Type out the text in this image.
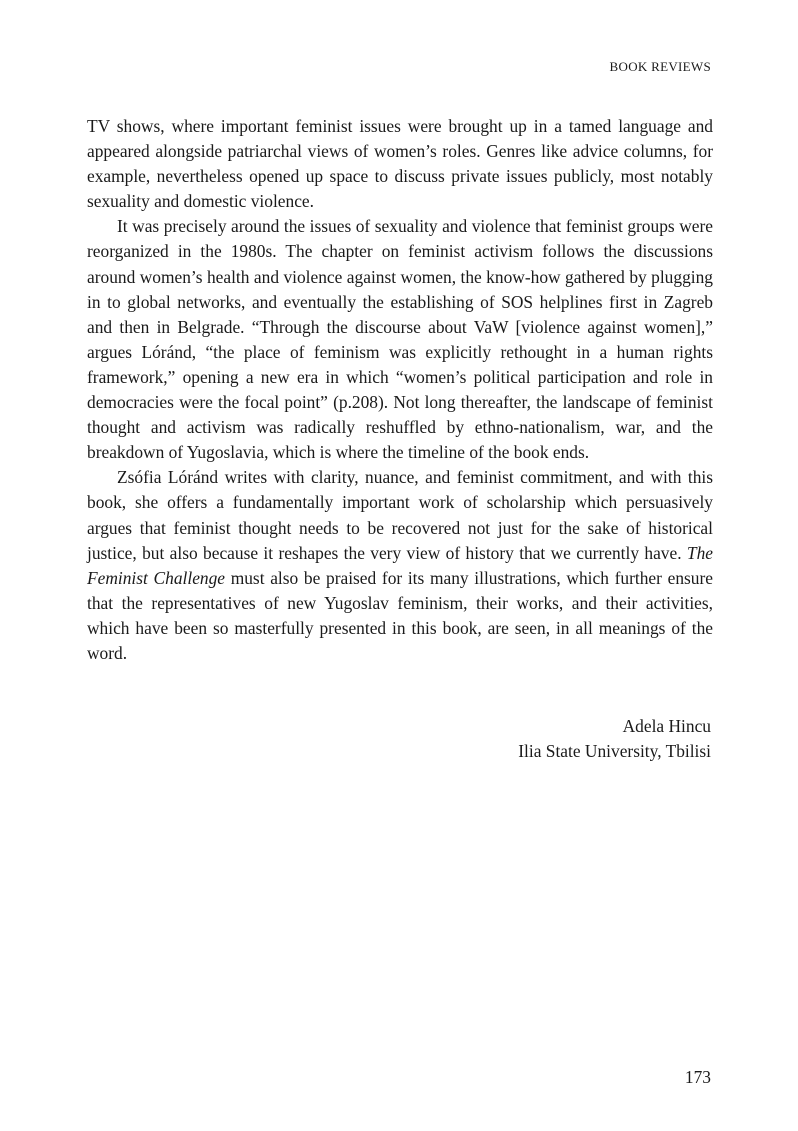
BOOK REVIEWS

TV shows, where important feminist issues were brought up in a tamed language and appeared alongside patriarchal views of women’s roles. Genres like advice columns, for example, nevertheless opened up space to discuss private issues publicly, most notably sexuality and domestic violence.

It was precisely around the issues of sexuality and violence that feminist groups were reorganized in the 1980s. The chapter on feminist activism follows the discussions around women’s health and violence against women, the know-how gathered by plugging in to global networks, and eventually the establishing of SOS helplines first in Zagreb and then in Belgrade. “Through the discourse about VaW [violence against women],” argues Lóránd, “the place of feminism was explicitly rethought in a human rights framework,” opening a new era in which “women’s political participation and role in democracies were the focal point” (p.208). Not long thereafter, the landscape of feminist thought and activism was radically reshuffled by ethno-nationalism, war, and the breakdown of Yugoslavia, which is where the timeline of the book ends.

Zsófia Lóránd writes with clarity, nuance, and feminist commitment, and with this book, she offers a fundamentally important work of scholarship which persuasively argues that feminist thought needs to be recovered not just for the sake of historical justice, but also because it reshapes the very view of history that we currently have. The Feminist Challenge must also be praised for its many illustrations, which further ensure that the representatives of new Yugoslav feminism, their works, and their activities, which have been so masterfully presented in this book, are seen, in all meanings of the word.

Adela Hincu
Ilia State University, Tbilisi
173
